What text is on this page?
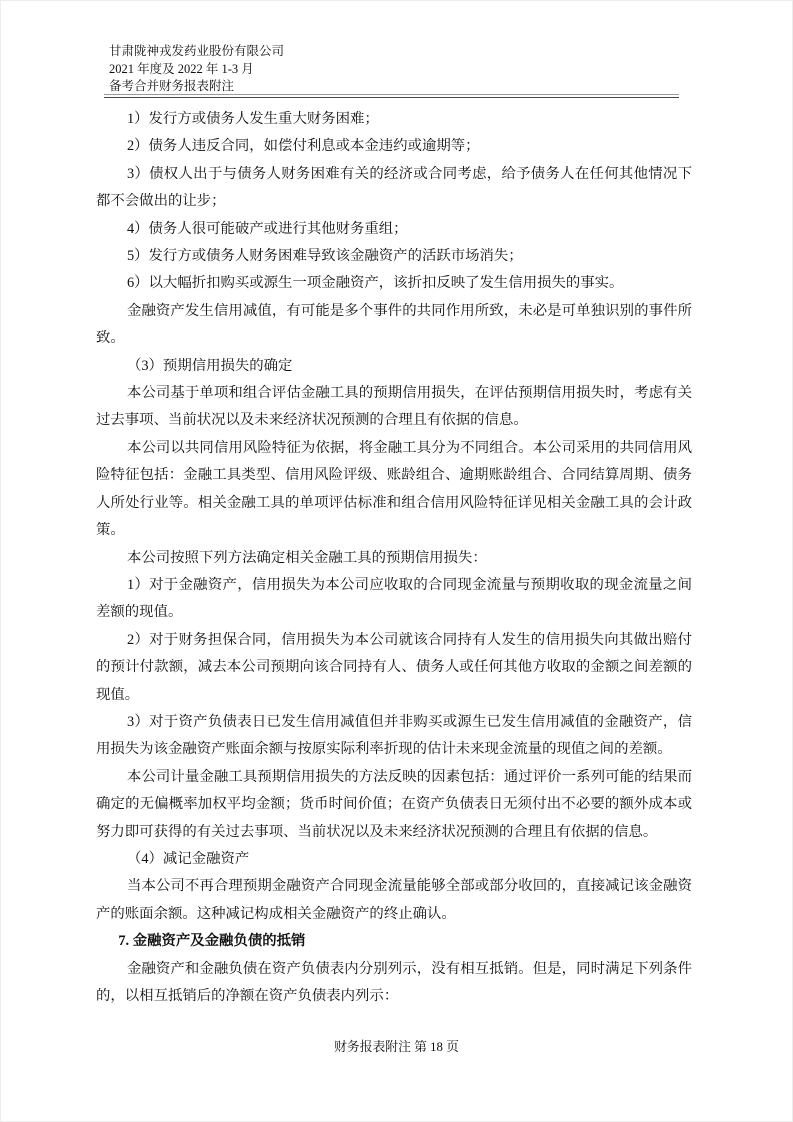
甘肃陇神戎发药业股份有限公司
2021 年度及 2022 年 1-3 月
备考合并财务报表附注

1）发行方或债务人发生重大财务困难；

2）债务人违反合同，如偿付利息或本金违约或逾期等；

3）债权人出于与债务人财务困难有关的经济或合同考虑，给予债务人在任何其他情况下都不会做出的让步；

4）债务人很可能破产或进行其他财务重组；

5）发行方或债务人财务困难导致该金融资产的活跃市场消失；

6）以大幅折扣购买或源生一项金融资产，该折扣反映了发生信用损失的事实。

金融资产发生信用减值，有可能是多个事件的共同作用所致，未必是可单独识别的事件所致。

（3）预期信用损失的确定

本公司基于单项和组合评估金融工具的预期信用损失，在评估预期信用损失时，考虑有关过去事项、当前状况以及未来经济状况预测的合理且有依据的信息。

本公司以共同信用风险特征为依据，将金融工具分为不同组合。本公司采用的共同信用风险特征包括：金融工具类型、信用风险评级、账龄组合、逾期账龄组合、合同结算周期、债务人所处行业等。相关金融工具的单项评估标准和组合信用风险特征详见相关金融工具的会计政策。

本公司按照下列方法确定相关金融工具的预期信用损失：

1）对于金融资产，信用损失为本公司应收取的合同现金流量与预期收取的现金流量之间差额的现值。

2）对于财务担保合同，信用损失为本公司就该合同持有人发生的信用损失向其做出赔付的预计付款额，减去本公司预期向该合同持有人、债务人或任何其他方收取的金额之间差额的现值。

3）对于资产负债表日已发生信用减值但并非购买或源生已发生信用减值的金融资产，信用损失为该金融资产账面余额与按原实际利率折现的估计未来现金流量的现值之间的差额。

本公司计量金融工具预期信用损失的方法反映的因素包括：通过评价一系列可能的结果而确定的无偏概率加权平均金额；货币时间价值；在资产负债表日无须付出不必要的额外成本或努力即可获得的有关过去事项、当前状况以及未来经济状况预测的合理且有依据的信息。

（4）减记金融资产

当本公司不再合理预期金融资产合同现金流量能够全部或部分收回的，直接减记该金融资产的账面余额。这种减记构成相关金融资产的终止确认。

7. 金融资产及金融负债的抵销

金融资产和金融负债在资产负债表内分别列示，没有相互抵销。但是，同时满足下列条件的，以相互抵销后的净额在资产负债表内列示：

财务报表附注 第 18 页
